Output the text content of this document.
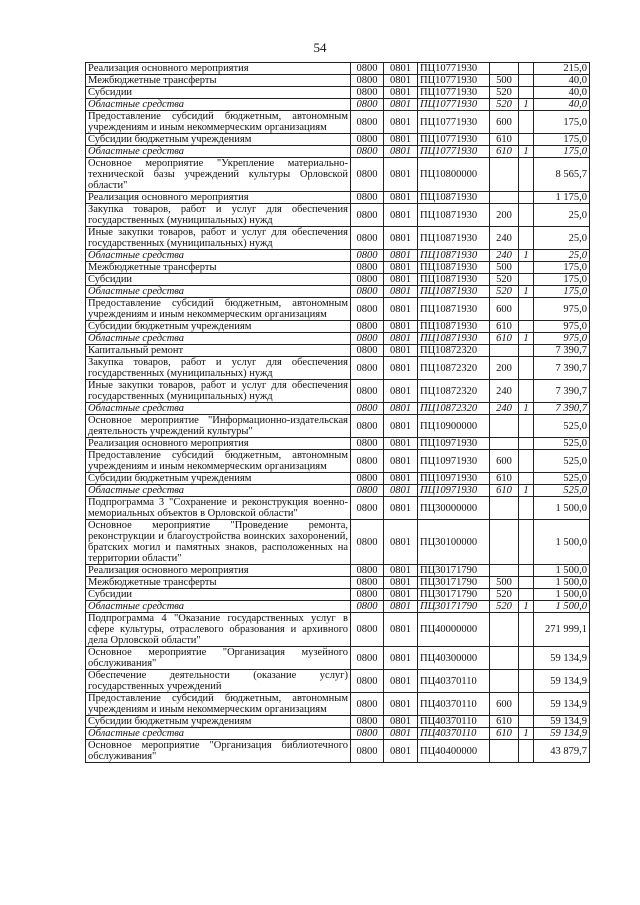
54
Реализация основного мероприятия	0800	0801	ПЦ10771930			215,0
Межбюджетные трансферты	0800	0801	ПЦ10771930	500		40,0
Субсидии	0800	0801	ПЦ10771930	520		40,0
Областные средства	0800	0801	ПЦ10771930	520	1	40,0
Предоставление субсидий бюджетным, автономным учреждениям и иным некоммерческим организациям	0800	0801	ПЦ10771930	600		175,0
Субсидии бюджетным учреждениям	0800	0801	ПЦ10771930	610		175,0
Областные средства	0800	0801	ПЦ10771930	610	1	175,0
Основное мероприятие "Укрепление материально-технической базы учреждений культуры Орловской области"	0800	0801	ПЦ10800000			8 565,7
Реализация основного мероприятия	0800	0801	ПЦ10871930			1 175,0
Закупка товаров, работ и услуг для обеспечения государственных (муниципальных) нужд	0800	0801	ПЦ10871930	200		25,0
Иные закупки товаров, работ и услуг для обеспечения государственных (муниципальных) нужд	0800	0801	ПЦ10871930	240		25,0
Областные средства	0800	0801	ПЦ10871930	240	1	25,0
Межбюджетные трансферты	0800	0801	ПЦ10871930	500		175,0
Субсидии	0800	0801	ПЦ10871930	520		175,0
Областные средства	0800	0801	ПЦ10871930	520	1	175,0
Предоставление субсидий бюджетным, автономным учреждениям и иным некоммерческим организациям	0800	0801	ПЦ10871930	600		975,0
Субсидии бюджетным учреждениям	0800	0801	ПЦ10871930	610		975,0
Областные средства	0800	0801	ПЦ10871930	610	1	975,0
Капитальный ремонт	0800	0801	ПЦ10872320			7 390,7
Закупка товаров, работ и услуг для обеспечения государственных (муниципальных) нужд	0800	0801	ПЦ10872320	200		7 390,7
Иные закупки товаров, работ и услуг для обеспечения государственных (муниципальных) нужд	0800	0801	ПЦ10872320	240		7 390,7
Областные средства	0800	0801	ПЦ10872320	240	1	7 390,7
Основное мероприятие "Информационно-издательская деятельность учреждений культуры"	0800	0801	ПЦ10900000			525,0
Реализация основного мероприятия	0800	0801	ПЦ10971930			525,0
Предоставление субсидий бюджетным, автономным учреждениям и иным некоммерческим организациям	0800	0801	ПЦ10971930	600		525,0
Субсидии бюджетным учреждениям	0800	0801	ПЦ10971930	610		525,0
Областные средства	0800	0801	ПЦ10971930	610	1	525,0
Подпрограмма 3 "Сохранение и реконструкция военно-мемориальных объектов в Орловской области"	0800	0801	ПЦ30000000			1 500,0
Основное мероприятие "Проведение ремонта, реконструкции и благоустройства воинских захоронений, братских могил и памятных знаков, расположенных на территории области"	0800	0801	ПЦ30100000			1 500,0
Реализация основного мероприятия	0800	0801	ПЦ30171790			1 500,0
Межбюджетные трансферты	0800	0801	ПЦ30171790	500		1 500,0
Субсидии	0800	0801	ПЦ30171790	520		1 500,0
Областные средства	0800	0801	ПЦ30171790	520	1	1 500,0
Подпрограмма 4 "Оказание государственных услуг в сфере культуры, отраслевого образования и архивного дела Орловской области"	0800	0801	ПЦ40000000			271 999,1
Основное мероприятие "Организация музейного обслуживания"	0800	0801	ПЦ40300000			59 134,9
Обеспечение деятельности (оказание услуг) государственных учреждений	0800	0801	ПЦ40370110			59 134,9
Предоставление субсидий бюджетным, автономным учреждениям и иным некоммерческим организациям	0800	0801	ПЦ40370110	600		59 134,9
Субсидии бюджетным учреждениям	0800	0801	ПЦ40370110	610		59 134,9
Областные средства	0800	0801	ПЦ40370110	610	1	59 134,9
Основное мероприятие "Организация библиотечного обслуживания"	0800	0801	ПЦ40400000			43 879,7
